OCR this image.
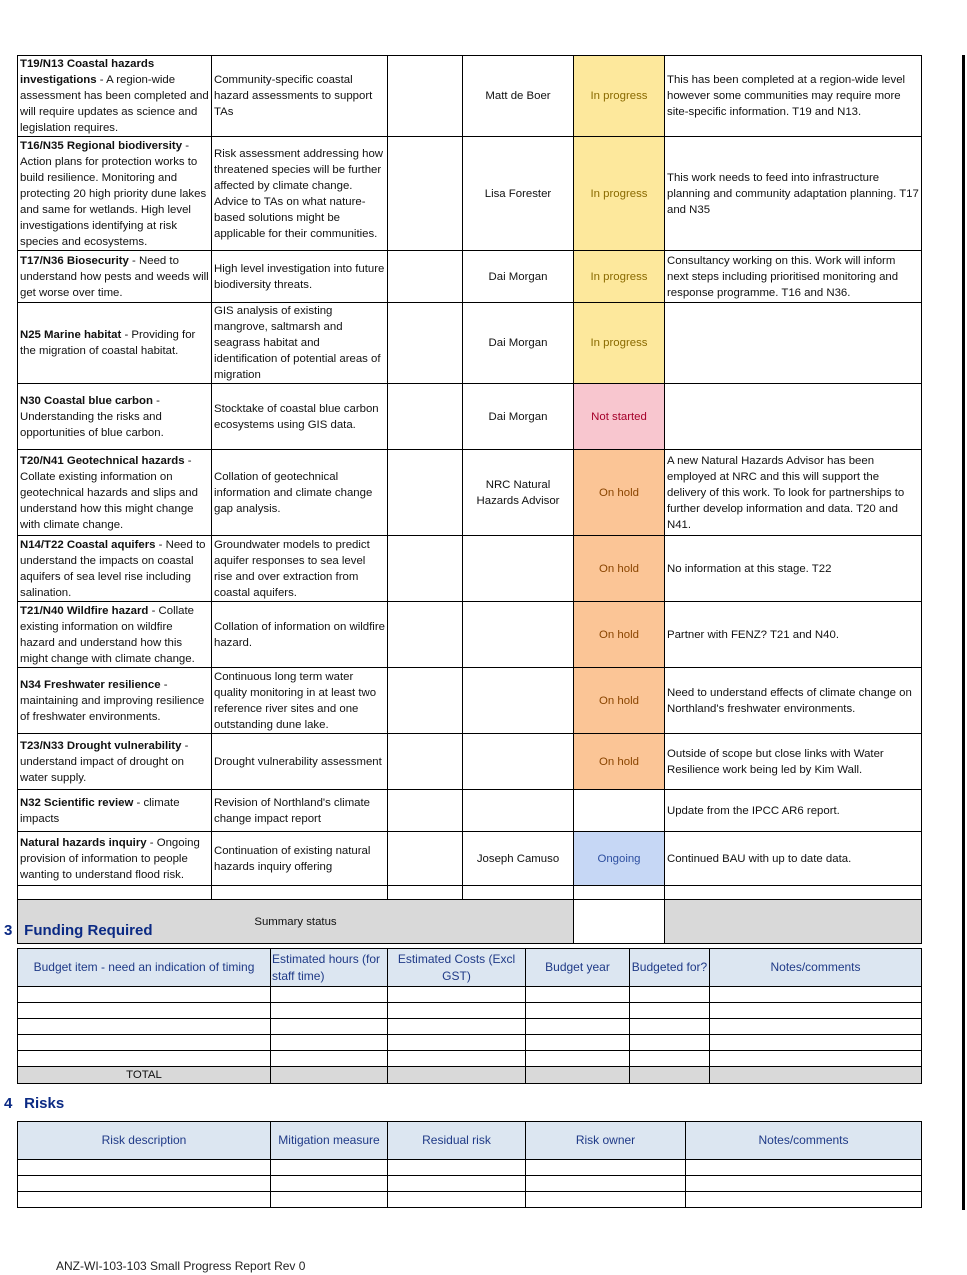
T19/N13 Coastal hazards investigations - A region-wide assessment has been completed and will require updates as science and legislation requires.	Community-specific coastal hazard assessments to support TAs		Matt de Boer	In progress	This has been completed at a region-wide level however some communities may require more site-specific information. T19 and N13.
T16/N35 Regional biodiversity - Action plans for protection works to build resilience. Monitoring and protecting 20 high priority dune lakes and same for wetlands. High level investigations identifying at risk species and ecosystems.	Risk assessment addressing how threatened species will be further affected by climate change. Advice to TAs on what nature-based solutions might be applicable for their communities.		Lisa Forester	In progress	This work needs to feed into infrastructure planning and community adaptation planning. T17 and N35
T17/N36 Biosecurity - Need to understand how pests and weeds will get worse over time.	High level investigation into future biodiversity threats.		Dai Morgan	In progress	Consultancy working on this. Work will inform next steps including prioritised monitoring and response programme. T16 and N36.
N25 Marine habitat - Providing for the migration of coastal habitat.	GIS analysis of existing mangrove, saltmarsh and seagrass habitat and identification of potential areas of migration		Dai Morgan	In progress	
N30 Coastal blue carbon - Understanding the risks and opportunities of blue carbon.	Stocktake of coastal blue carbon ecosystems using GIS data.		Dai Morgan	Not started	
T20/N41 Geotechnical hazards - Collate existing information on geotechnical hazards and slips and understand how this might change with climate change.	Collation of geotechnical information and climate change gap analysis.		NRC Natural Hazards Advisor	On hold	A new Natural Hazards Advisor has been employed at NRC and this will support the delivery of this work. To look for partnerships to further develop information and data. T20 and N41.
N14/T22 Coastal aquifers - Need to understand the impacts on coastal aquifers of sea level rise including salination.	Groundwater models to predict aquifer responses to sea level rise and over extraction from coastal aquifers.			On hold	No information at this stage. T22
T21/N40 Wildfire hazard - Collate existing information on wildfire hazard and understand how this might change with climate change.	Collation of information on wildfire hazard.			On hold	Partner with FENZ? T21 and N40.
N34 Freshwater resilience - maintaining and improving resilience of freshwater environments.	Continuous long term water quality monitoring in at least two reference river sites and one outstanding dune lake.			On hold	Need to understand effects of climate change on Northland's freshwater environments.
T23/N33 Drought vulnerability - understand impact of drought on water supply.	Drought vulnerability assessment			On hold	Outside of scope but close links with Water Resilience work being led by Kim Wall.
N32 Scientific review - climate impacts	Revision of Northland's climate change impact report				Update from the IPCC AR6 report.
Natural hazards inquiry - Ongoing provision of information to people wanting to understand flood risk.	Continuation of existing natural hazards inquiry offering		Joseph Camuso	Ongoing	Continued BAU with up to date data.

Summary status					
3 Funding Required
Budget item - need an indication of timing	Estimated hours (for staff time)	Estimated Costs (Excl GST)	Budget year	Budgeted for?	Notes/comments

TOTAL					
4 Risks
Risk description	Mitigation measure	Residual risk	Risk owner	Notes/comments

ANZ-WI-103-103 Small Progress Report Rev 0
